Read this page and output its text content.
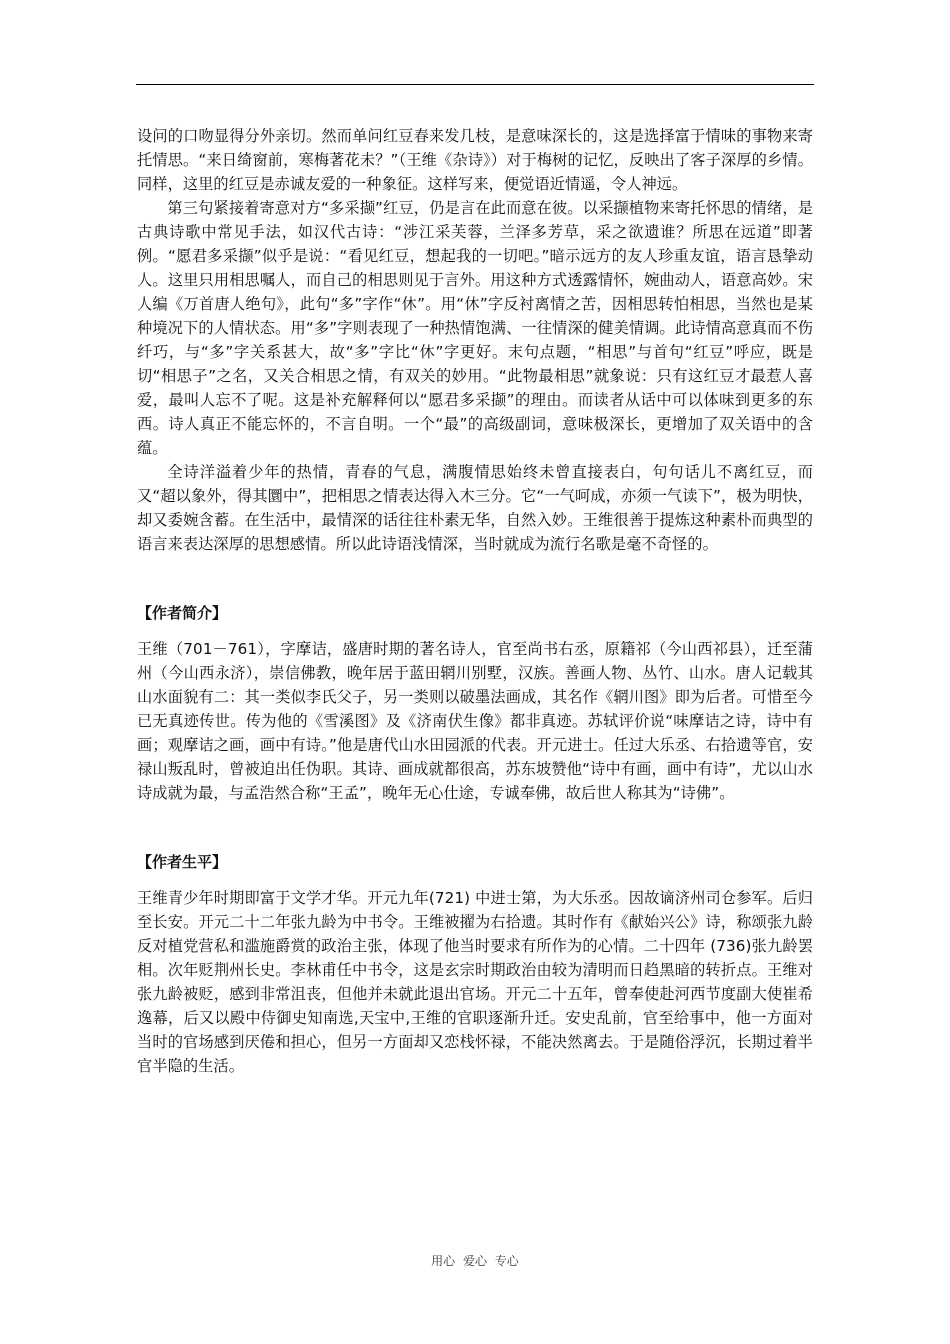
设问的口吻显得分外亲切。然而单问红豆春来发几枝，是意味深长的，这是选择富于情味的事物来寄托情思。“来日绮窗前，寒梅著花未？”（王维《杂诗》）对于梅树的记忆，反映出了客子深厚的乡情。同样，这里的红豆是赤诚友爱的一种象征。这样写来，便觉语近情遥，令人神远。

第三句紧接着寄意对方“多采撷”红豆，仍是言在此而意在彼。以采撷植物来寄托怀思的情绪，是古典诗歌中常见手法，如汉代古诗：“涉江采芙蓉，兰泽多芳草，采之欲遗谁？所思在远道”即著例。“愿君多采撷”似乎是说：“看见红豆，想起我的一切吧。”暗示远方的友人珍重友谊，语言恳挚动人。这里只用相思嘱人，而自己的相思则见于言外。用这种方式透露情怀，婉曲动人，语意高妙。宋人编《万首唐人绝句》，此句“多”字作“休”。用“休”字反衬离情之苦，因相思转怕相思，当然也是某种境况下的人情状态。用“多”字则表现了一种热情饱满、一往情深的健美情调。此诗情高意真而不伤纤巧，与“多”字关系甚大，故“多”字比“休”字更好。末句点题，“相思”与首句“红豆”呼应，既是切“相思子”之名，又关合相思之情，有双关的妙用。“此物最相思”就象说：只有这红豆才最惹人喜爱，最叫人忘不了呢。这是补充解释何以“愿君多采撷”的理由。而读者从话中可以体味到更多的东西。诗人真正不能忘怀的，不言自明。一个“最”的高级副词，意味极深长，更增加了双关语中的含蕴。

全诗洋溢着少年的热情，青春的气息，满腹情思始终未曾直接表白，句句话儿不离红豆，而又“超以象外，得其圜中”，把相思之情表达得入木三分。它“一气呵成，亦须一气读下”，极为明快，却又委婉含蓄。在生活中，最情深的话往往朴素无华，自然入妙。王维很善于提炼这种素朴而典型的语言来表达深厚的思想感情。所以此诗语浅情深，当时就成为流行名歌是毫不奇怪的。

【作者简介】

王维（701－761），字摩诘，盛唐时期的著名诗人，官至尚书右丞，原籍祁（今山西祁县），迁至蒲州（今山西永济），崇信佛教，晚年居于蓝田辋川别墅，汉族。善画人物、丛竹、山水。唐人记载其山水面貌有二：其一类似李氏父子，另一类则以破墨法画成，其名作《辋川图》即为后者。可惜至今已无真迹传世。传为他的《雪溪图》及《济南伏生像》都非真迹。苏轼评价说“味摩诘之诗，诗中有画；观摩诘之画，画中有诗。”他是唐代山水田园派的代表。开元进士。任过大乐丞、右拾遗等官，安禄山叛乱时，曾被迫出任伪职。其诗、画成就都很高，苏东坡赞他“诗中有画，画中有诗”，尤以山水诗成就为最，与孟浩然合称“王孟”，晚年无心仕途，专诚奉佛，故后世人称其为“诗佛”。

【作者生平】

王维青少年时期即富于文学才华。开元九年(721) 中进士第，为大乐丞。因故谪济州司仓参军。后归至长安。开元二十二年张九龄为中书令。王维被擢为右拾遗。其时作有《献始兴公》诗，称颂张九龄反对植党营私和滥施爵赏的政治主张，体现了他当时要求有所作为的心情。二十四年 (736)张九龄罢相。次年贬荆州长史。李林甫任中书令，这是玄宗时期政治由较为清明而日趋黑暗的转折点。王维对张九龄被贬，感到非常沮丧，但他并未就此退出官场。开元二十五年，曾奉使赴河西节度副大使崔希逸幕，后又以殿中侍御史知南选,天宝中,王维的官职逐渐升迁。安史乱前，官至给事中，他一方面对当时的官场感到厌倦和担心，但另一方面却又恋栈怀禄，不能决然离去。于是随俗浮沉，长期过着半官半隐的生活。

用心 爱心 专心
